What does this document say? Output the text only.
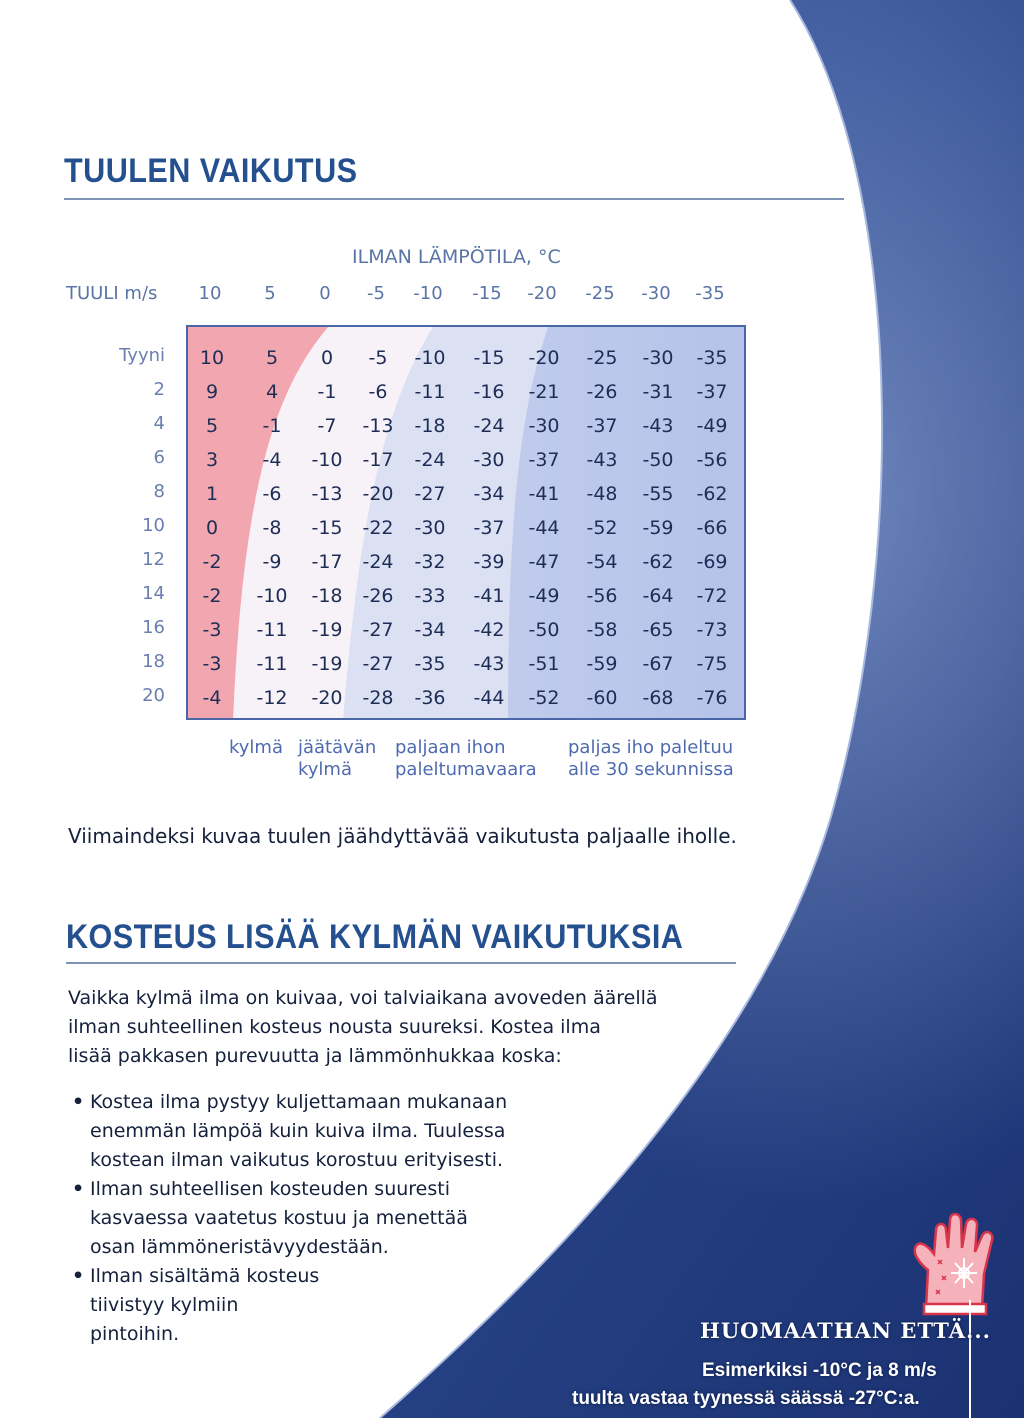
TUULEN VAIKUTUS
ILMAN LÄMPÖTILA, °C
TUULI m/s 10 5 0 -5 -10 -15 -20 -25 -30 -35
Tyyni
2
4
6
8
10
12
14
16
18
20
10 5 0 -5 -10 -15 -20 -25 -30 -35
9	4 -1 -6 -11 -16 -21 -26 -31 -37
5 -1 -7 -13 -18 -24 -30 -37 -43 -49
3 -4 -10 -17 -24 -30 -37 -43 -50 -56
1 -6 -13 -20 -27 -34 -41 -48 -55 -62
0 -8 -15 -22 -30 -37 -44 -52 -59 -66
-2 -9 -17 -24 -32 -39 -47 -54 -62 -69
-2 -10 -18 -26 -33 -41 -49 -56 -64 -72
-3 -11 -19 -27 -34 -42 -50 -58 -65 -73
-3 -11 -19 -27 -35 -43 -51 -59 -67 -75
-4 -12 -20 -28 -36 -44 -52 -60 -68 -76
kylmä jäätävän
kylmä
paljaan ihon
paleltumavaara
paljas iho paleltuu
alle 30 sekunnissa
Viimaindeksi kuvaa tuulen jäähdyttävää vaikutusta paljaalle iholle.
KOSTEUS LISÄÄ KYLMÄN VAIKUTUKSIA
Vaikka kylmä ilma on kuivaa, voi talviaikana avoveden äärellä
ilman suhteellinen kosteus nousta suureksi. Kostea ilma
lisää pakkasen purevuutta ja lämmönhukkaa koska:
• Kostea ilma pystyy kuljettamaan mukanaan
enemmän lämpöä kuin kuiva ilma. Tuulessa
kostean ilman vaikutus korostuu erityisesti.
• Ilman suhteellisen kosteuden suuresti
kasvaessa vaatetus kostuu ja menettää
osan lämmöneristävyydestään.
• Ilman sisältämä kosteus
tiivistyy kylmiin
pintoihin.	HUOMAATHAN ETTÄ...
Esimerkiksi -10°C ja 8 m/s
tuulta vastaa tyynessä säässä -27°C:a.
